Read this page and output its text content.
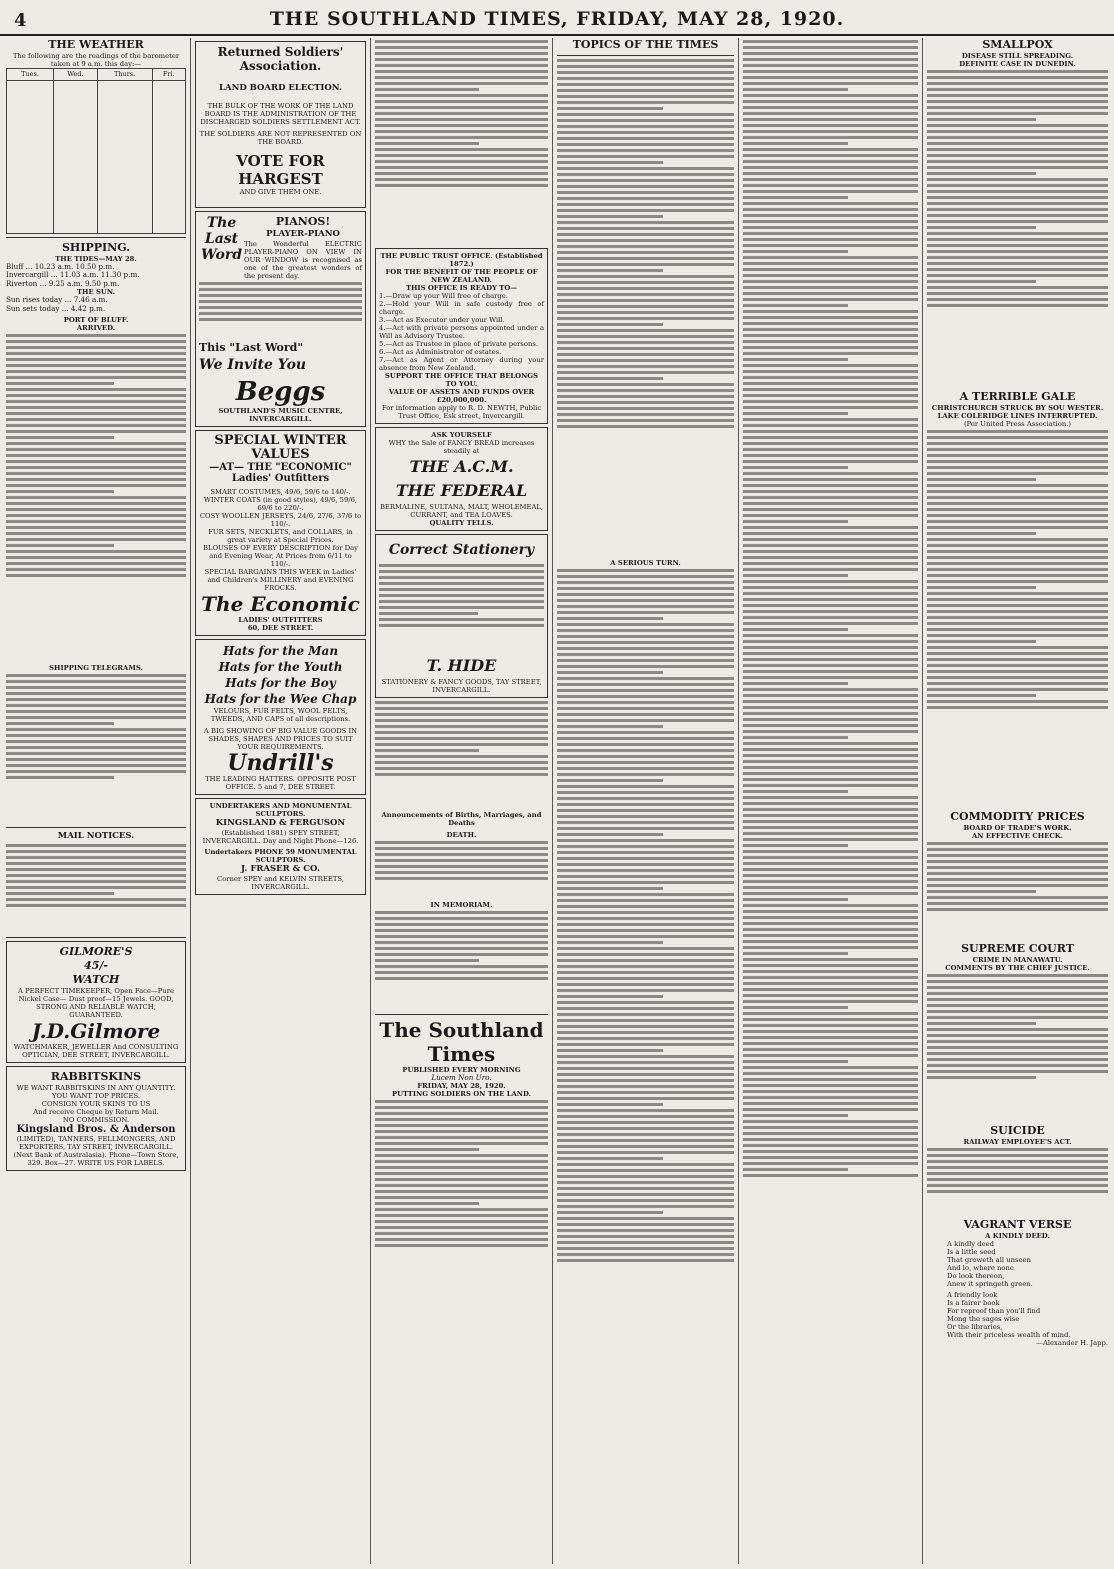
4	THE SOUTHLAND TIMES, FRIDAY, MAY 28, 1920.
THE WEATHER
The following are the readings of the barometer taken at 9 a.m. this day:—
Tues.	Wed.	Thurs.	Fri.

SHIPPING.
THE TIDES—MAY 28.
Bluff ... 10.23 a.m. 10.50 p.m.
Invercargill ... 11.03 a.m. 11.30 p.m.
Riverton ... 9.25 a.m. 9.50 p.m.
THE SUN.
Sun rises today ... 7.46 a.m.
Sun sets today ... 4.42 p.m.
PORT OF BLUFF.
ARRIVED.
SHIPPING TELEGRAMS.
MAIL NOTICES.
GILMORE'S
45/-
WATCH
A PERFECT TIMEKEEPER, Open Face—Pure Nickel Case— Dust proof—15 Jewels. GOOD, STRONG AND RELIABLE WATCH, GUARANTEED.
J.D.Gilmore
WATCHMAKER, JEWELLER And CONSULTING OPTICIAN, DEE STREET, INVERCARGILL.
RABBITSKINS
WE WANT RABBITSKINS IN ANY QUANTITY.
YOU WANT TOP PRICES.
CONSIGN YOUR SKINS TO US
And receive Cheque by Return Mail.
NO COMMISSION.
Kingsland Bros. & Anderson
(LIMITED), TANNERS, FELLMONGERS, AND EXPORTERS, TAY STREET, INVERCARGILL. (Next Bank of Australasia). Phone—Town Store, 329. Box—27. WRITE US FOR LABELS.
Returned Soldiers' Association.
LAND BOARD ELECTION.
THE BULK OF THE WORK OF THE LAND BOARD IS THE ADMINISTRATION OF THE DISCHARGED SOLDIERS SETTLEMENT ACT.
THE SOLDIERS ARE NOT REPRESENTED ON THE BOARD.
VOTE FOR HARGEST
AND GIVE THEM ONE.
The Last Word
PIANOS!
PLAYER-PIANO
The Wonderful ELECTRIC PLAYER-PIANO ON VIEW IN OUR WINDOW is recognised as one of the greatest wonders of the present day.
This "Last Word"
We Invite You
Beggs
SOUTHLAND'S MUSIC CENTRE, INVERCARGILL.
SPECIAL WINTER VALUES
—AT— THE "ECONOMIC" Ladies' Outfitters
SMART COSTUMES, 49/6, 59/6 to 140/-.
WINTER COATS (in good styles), 49/6, 59/6, 69/6 to 220/-.
COSY WOOLLEN JERSEYS, 24/6, 27/6, 37/6 to 110/-.
FUR SETS, NECKLETS, and COLLARS, in great variety at Special Prices.
BLOUSES OF EVERY DESCRIPTION for Day and Evening Wear, At Prices from 6/11 to 110/-.
SPECIAL BARGAINS THIS WEEK in Ladies' and Children's MILLINERY and EVENING FROCKS.
The Economic
LADIES' OUTFITTERS
60, DEE STREET.
Hats for the Man
Hats for the Youth
Hats for the Boy
Hats for the Wee Chap
VELOURS, FUR FELTS, WOOL FELTS, TWEEDS, AND CAPS of all descriptions.
A BIG SHOWING OF BIG VALUE GOODS IN SHADES, SHAPES AND PRICES TO SUIT YOUR REQUIREMENTS.
Undrill's
THE LEADING HATTERS. OPPOSITE POST OFFICE. 5 and 7, DEE STREET.
UNDERTAKERS AND MONUMENTAL SCULPTORS.
KINGSLAND & FERGUSON
(Established 1881) SPEY STREET, INVERCARGILL. Day and Night Phone—126.
Undertakers PHONE 59 MONUMENTAL SCULPTORS.
J. FRASER & CO.
Corner SPEY and KELVIN STREETS, INVERCARGILL.
THE PUBLIC TRUST OFFICE. (Established 1872.)
FOR THE BENEFIT OF THE PEOPLE OF NEW ZEALAND.
THIS OFFICE IS READY TO—
1.—Draw up your Will free of charge.
2.—Hold your Will in safe custody free of charge.
3.—Act as Executor under your Will.
4.—Act with private persons appointed under a Will as Advisory Trustee.
5.—Act as Trustee in place of private persons.
6.—Act as Administrator of estates.
7.—Act as Agent or Attorney during your absence from New Zealand.
SUPPORT THE OFFICE THAT BELONGS TO YOU.
VALUE OF ASSETS AND FUNDS OVER £20,000,000.
For information apply to R. D. NEWTH, Public Trust Office, Esk street, Invercargill.
ASK YOURSELF
WHY the Sale of FANCY BREAD increases steadily at
THE A.C.M.
THE FEDERAL
BERMALINE, SULTANA, MALT, WHOLEMEAL, CURRANT, and TEA LOAVES.
QUALITY TELLS.
Correct Stationery
T. HIDE
STATIONERY & FANCY GOODS, TAY STREET, INVERCARGILL.
Announcements of Births, Marriages, and Deaths
DEATH.
IN MEMORIAM.
The Southland Times
PUBLISHED EVERY MORNING
Lucem Non Uro.
FRIDAY, MAY 28, 1920.
PUTTING SOLDIERS ON THE LAND.
TOPICS OF THE TIMES
A SERIOUS TURN.
SMALLPOX
DISEASE STILL SPREADING.
DEFINITE CASE IN DUNEDIN.
A TERRIBLE GALE
CHRISTCHURCH STRUCK BY SOU WESTER.
LAKE COLERIDGE LINES INTERRUPTED.
(Per United Press Association.)
COMMODITY PRICES
BOARD OF TRADE'S WORK.
AN EFFECTIVE CHECK.
SUPREME COURT
CRIME IN MANAWATU.
COMMENTS BY THE CHIEF JUSTICE.
SUICIDE
RAILWAY EMPLOYEE'S ACT.
VAGRANT VERSE
A KINDLY DEED.
A kindly deed
Is a little seed
That groweth all unseen
And lo, where none
Do look thereon,
Anew it springeth green.
A friendly look
Is a fairer book
For reproof than you'll find
Mong the sages wise
Or the libraries,
With their priceless wealth of mind.
—Alexander H. Japp.
